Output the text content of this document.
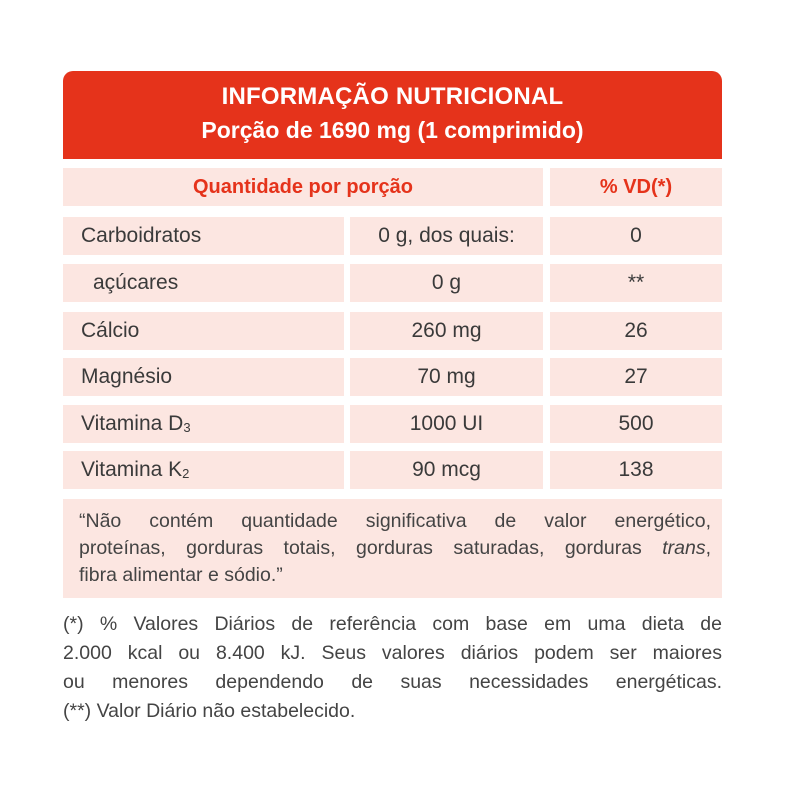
INFORMAÇÃO NUTRICIONAL
Porção de 1690 mg (1 comprimido)
Quantidade por porção	% VD(*)
Carboidratos	0 g, dos quais:	0
açúcares	0 g	**
Cálcio	260 mg	26
Magnésio	70 mg	27
Vitamina $D_3$	1000 UI	500
Vitamina $K_2$	90 mcg	138
“Não contém quantidade significativa de valor energético,
proteínas, gorduras totais, gorduras saturadas, gorduras trans,
fibra alimentar e sódio.”
(*) % Valores Diários de referência com base em uma dieta de
2.000 kcal ou 8.400 kJ. Seus valores diários podem ser maiores
ou menores dependendo de suas necessidades energéticas.
(**) Valor Diário não estabelecido.
